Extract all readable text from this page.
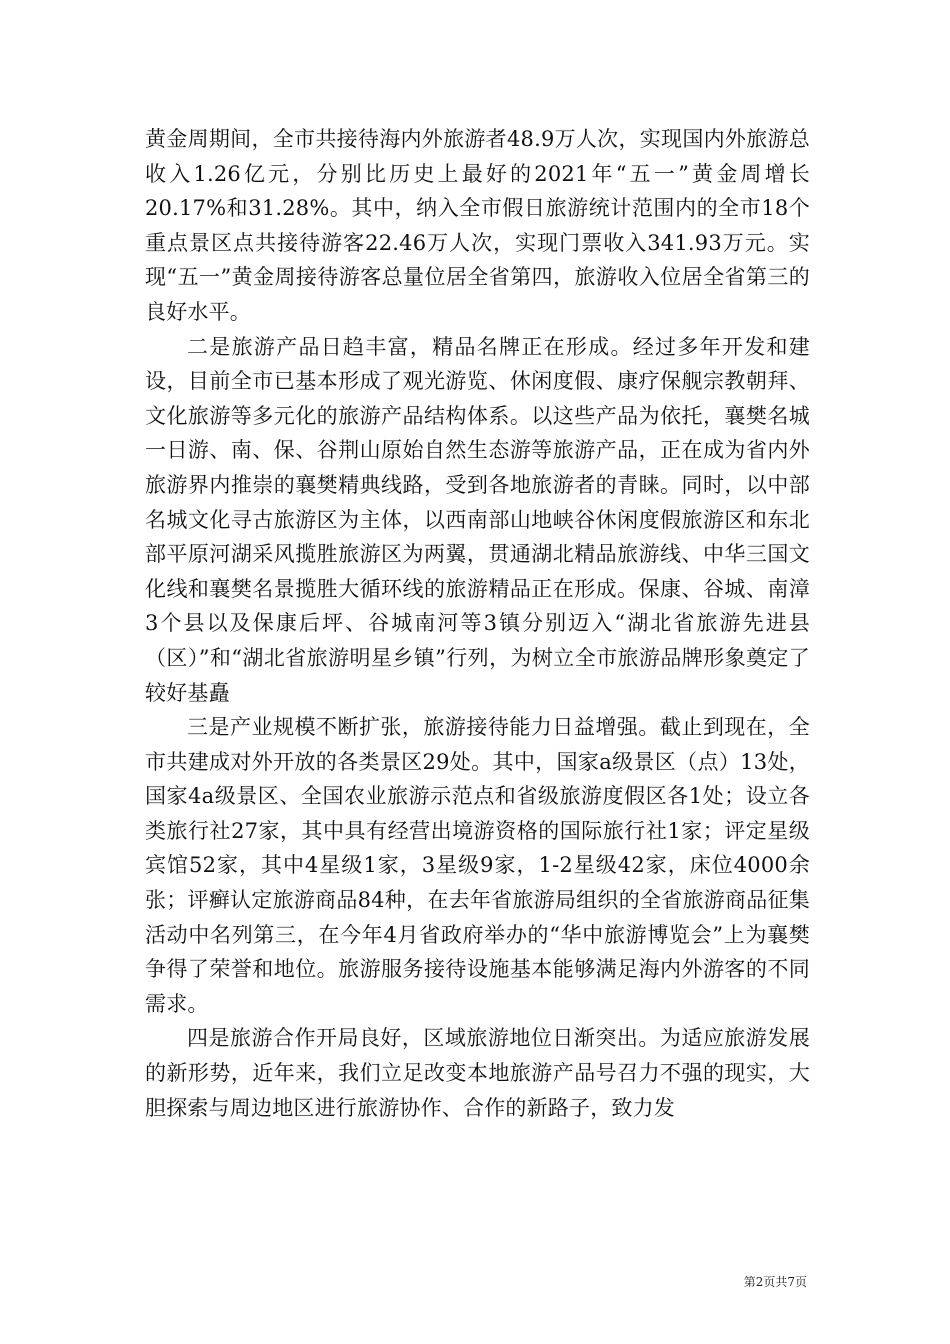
黄金周期间，全市共接待海内外旅游者48.9万人次，实现国内外旅游总收入1.26亿元，分别比历史上最好的2021年“五一”黄金周增长20.17%和31.28%。其中，纳入全市假日旅游统计范围内的全市18个重点景区点共接待游客22.46万人次，实现门票收入341.93万元。实现“五一”黄金周接待游客总量位居全省第四，旅游收入位居全省第三的良好水平。

二是旅游产品日趋丰富，精品名牌正在形成。经过多年开发和建设，目前全市已基本形成了观光游览、休闲度假、康疗保舰宗教朝拜、文化旅游等多元化的旅游产品结构体系。以这些产品为依托，襄樊名城一日游、南、保、谷荆山原始自然生态游等旅游产品，正在成为省内外旅游界内推崇的襄樊精典线路，受到各地旅游者的青睐。同时，以中部名城文化寻古旅游区为主体，以西南部山地峡谷休闲度假旅游区和东北部平原河湖采风揽胜旅游区为两翼，贯通湖北精品旅游线、中华三国文化线和襄樊名景揽胜大循环线的旅游精品正在形成。保康、谷城、南漳3个县以及保康后坪、谷城南河等3镇分别迈入“湖北省旅游先进县（区）”和“湖北省旅游明星乡镇”行列，为树立全市旅游品牌形象奠定了较好基矗

三是产业规模不断扩张，旅游接待能力日益增强。截止到现在，全市共建成对外开放的各类景区29处。其中，国家a级景区（点）13处，国家4a级景区、全国农业旅游示范点和省级旅游度假区各1处；设立各类旅行社27家，其中具有经营出境游资格的国际旅行社1家；评定星级宾馆52家，其中4星级1家，3星级9家，1-2星级42家，床位4000余张；评癣认定旅游商品84种，在去年省旅游局组织的全省旅游商品征集活动中名列第三，在今年4月省政府举办的“华中旅游博览会”上为襄樊争得了荣誉和地位。旅游服务接待设施基本能够满足海内外游客的不同需求。

四是旅游合作开局良好，区域旅游地位日渐突出。为适应旅游发展的新形势，近年来，我们立足改变本地旅游产品号召力不强的现实，大胆探索与周边地区进行旅游协作、合作的新路子，致力发

第2页共7页
